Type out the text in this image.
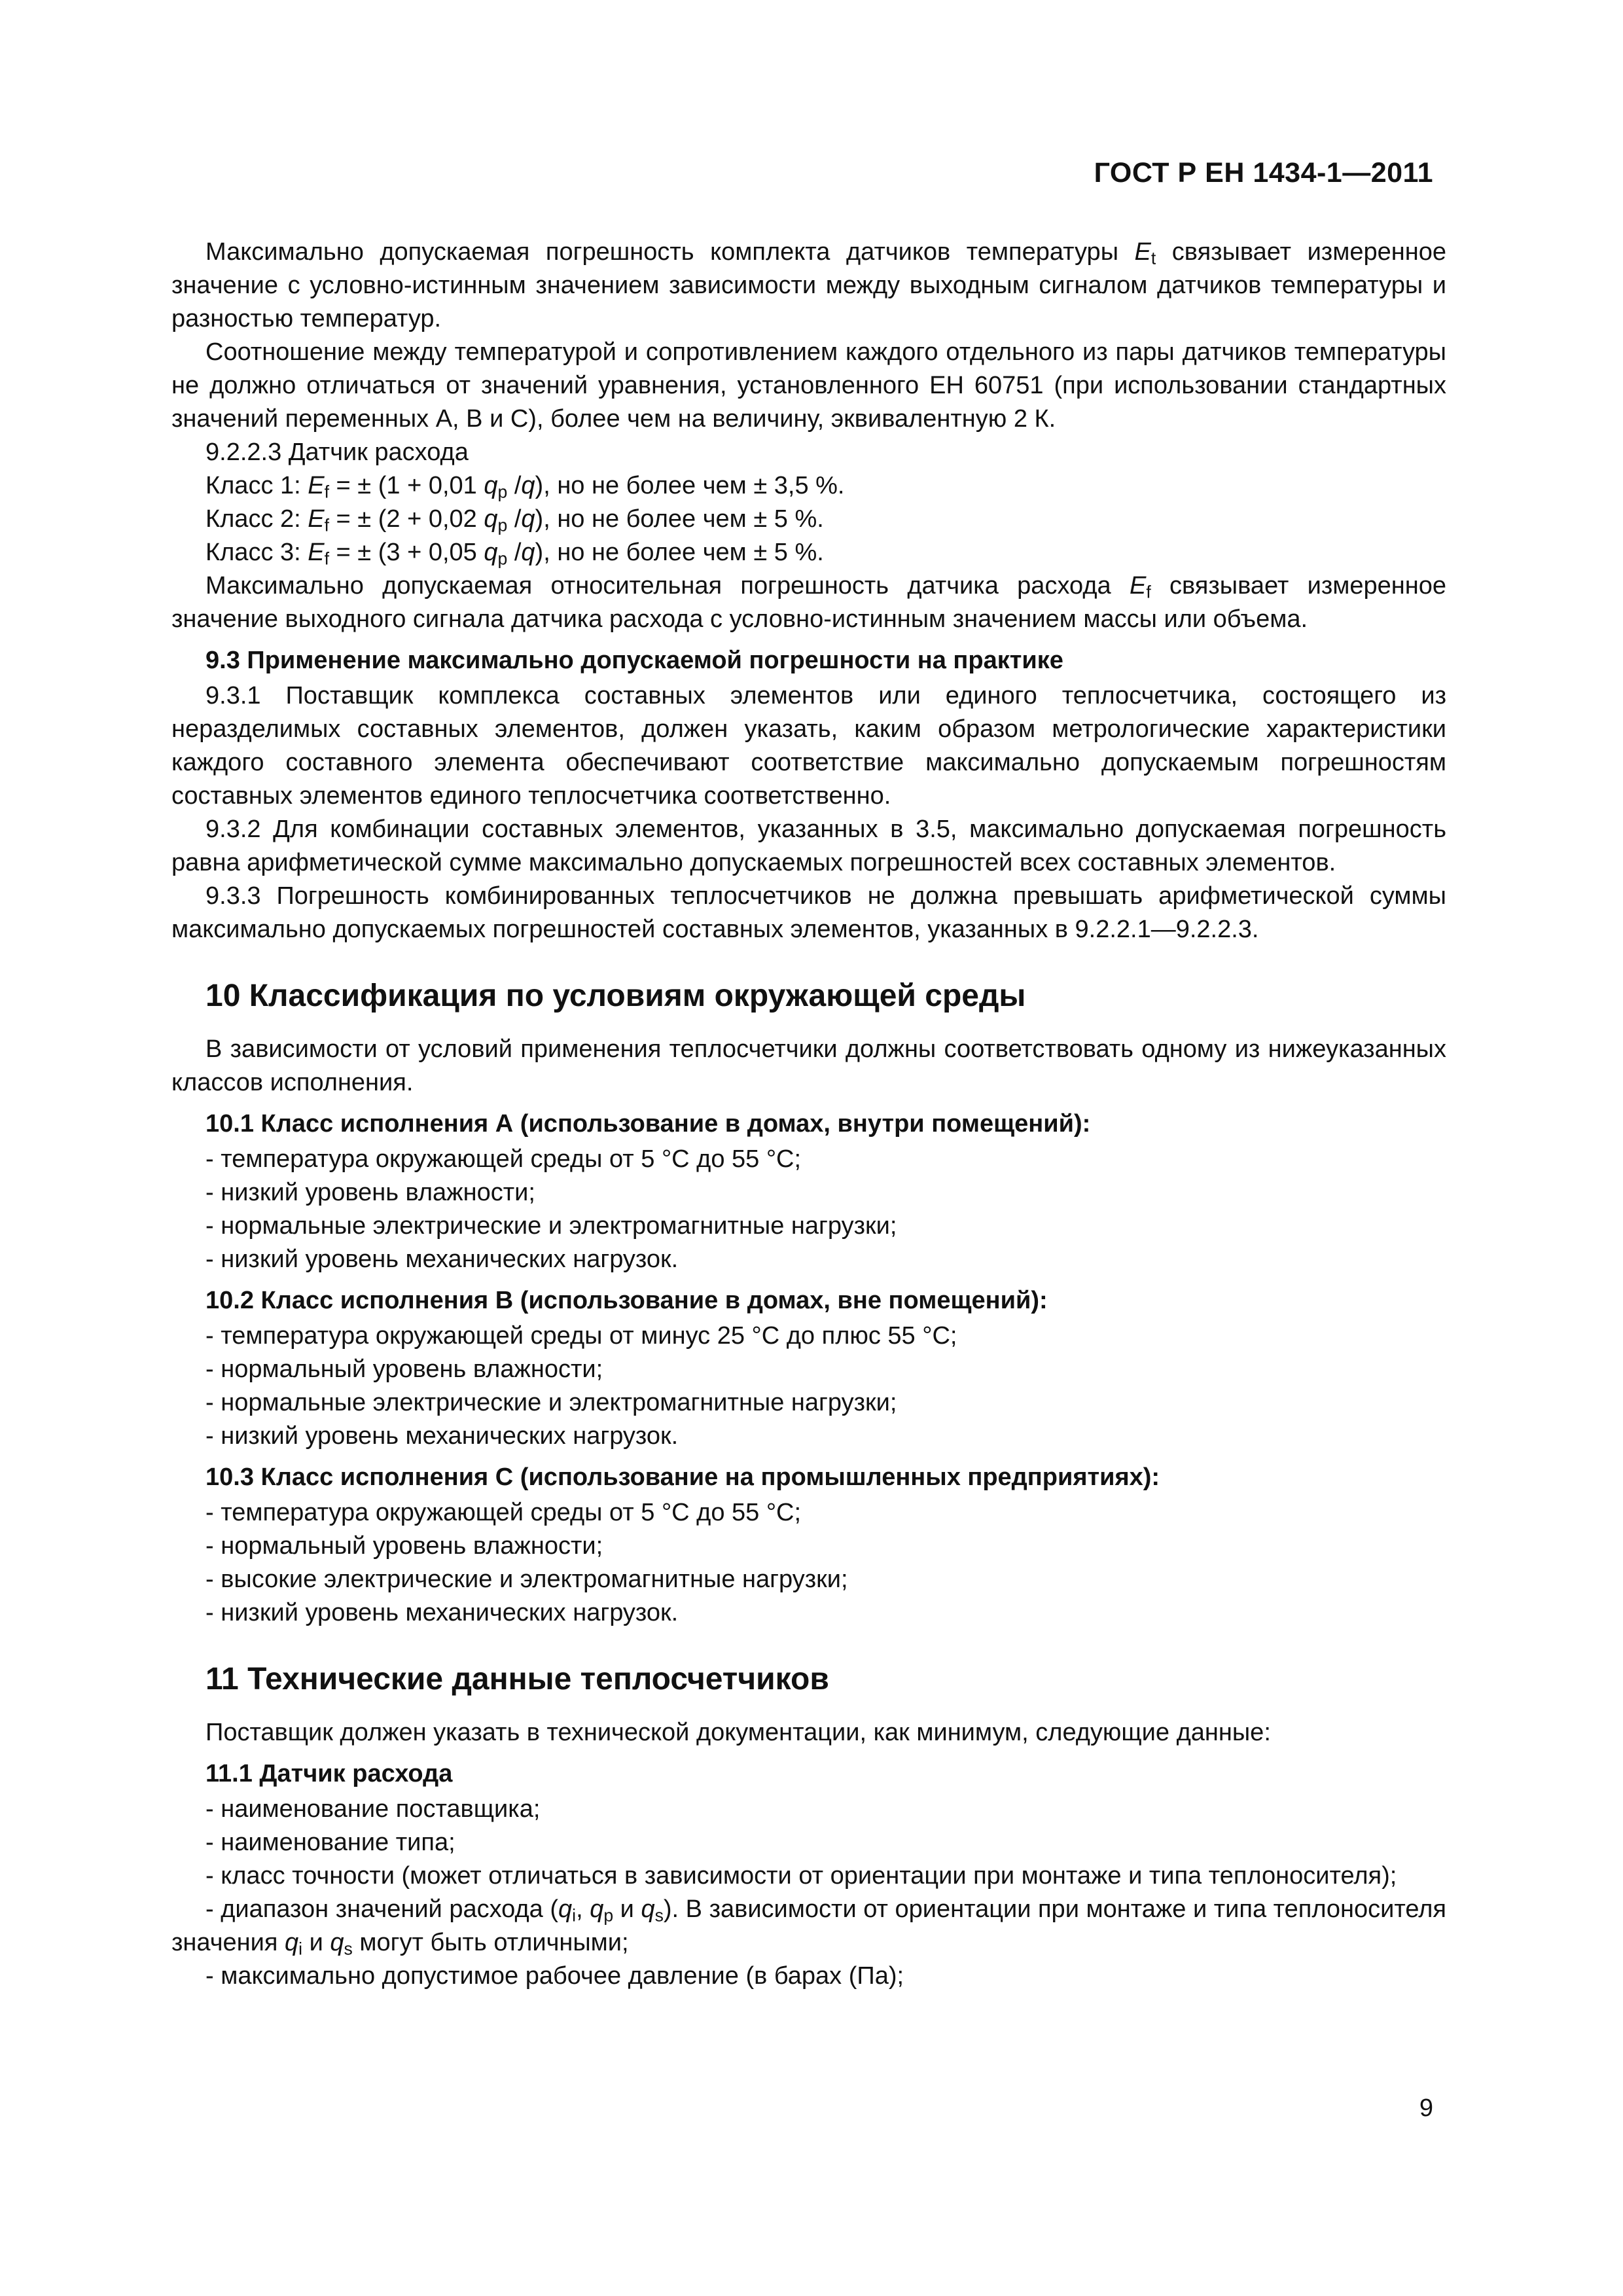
ГОСТ Р ЕН 1434-1—2011

Максимально допускаемая погрешность комплекта датчиков температуры $E_t$ связывает измеренное значение с условно-истинным значением зависимости между выходным сигналом датчиков температуры и разностью температур.

Соотношение между температурой и сопротивлением каждого отдельного из пары датчиков температуры не должно отличаться от значений уравнения, установленного ЕН 60751 (при использовании стандартных значений переменных А, В и С), более чем на величину, эквивалентную 2 К.

9.2.2.3 Датчик расхода

Класс 1: $E_f$ = ± (1 + 0,01 $q_p$ /q), но не более чем ± 3,5 %.

Класс 2: $E_f$ = ± (2 + 0,02 $q_p$ /q), но не более чем ± 5 %.

Класс 3: $E_f$ = ± (3 + 0,05 $q_p$ /q), но не более чем ± 5 %.

Максимально допускаемая относительная погрешность датчика расхода $E_f$ связывает измеренное значение выходного сигнала датчика расхода с условно-истинным значением массы или объема.

9.3 Применение максимально допускаемой погрешности на практике

9.3.1 Поставщик комплекса составных элементов или единого теплосчетчика, состоящего из неразделимых составных элементов, должен указать, каким образом метрологические характеристики каждого составного элемента обеспечивают соответствие максимально допускаемым погрешностям составных элементов единого теплосчетчика соответственно.

9.3.2 Для комбинации составных элементов, указанных в 3.5, максимально допускаемая погрешность равна арифметической сумме максимально допускаемых погрешностей всех составных элементов.

9.3.3 Погрешность комбинированных теплосчетчиков не должна превышать арифметической суммы максимально допускаемых погрешностей составных элементов, указанных в 9.2.2.1—9.2.2.3.

10 Классификация по условиям окружающей среды

В зависимости от условий применения теплосчетчики должны соответствовать одному из нижеуказанных классов исполнения.

10.1 Класс исполнения А (использование в домах, внутри помещений):

- температура окружающей среды от 5 °С до 55 °С;

- низкий уровень влажности;

- нормальные электрические и электромагнитные нагрузки;

- низкий уровень механических нагрузок.

10.2 Класс исполнения В (использование в домах, вне помещений):

- температура окружающей среды от минус 25 °С до плюс 55 °С;

- нормальный уровень влажности;

- нормальные электрические и электромагнитные нагрузки;

- низкий уровень механических нагрузок.

10.3 Класс исполнения С (использование на промышленных предприятиях):

- температура окружающей среды от 5 °С до 55 °С;

- нормальный уровень влажности;

- высокие электрические и электромагнитные нагрузки;

- низкий уровень механических нагрузок.

11 Технические данные теплосчетчиков

Поставщик должен указать в технической документации, как минимум, следующие данные:

11.1 Датчик расхода

- наименование поставщика;

- наименование типа;

- класс точности (может отличаться в зависимости от ориентации при монтаже и типа теплоносителя);

- диапазон значений расхода ($q_i$, $q_p$ и $q_s$). В зависимости от ориентации при монтаже и типа теплоносителя значения $q_i$ и $q_s$ могут быть отличными;

- максимально допустимое рабочее давление (в барах (Па);

9
